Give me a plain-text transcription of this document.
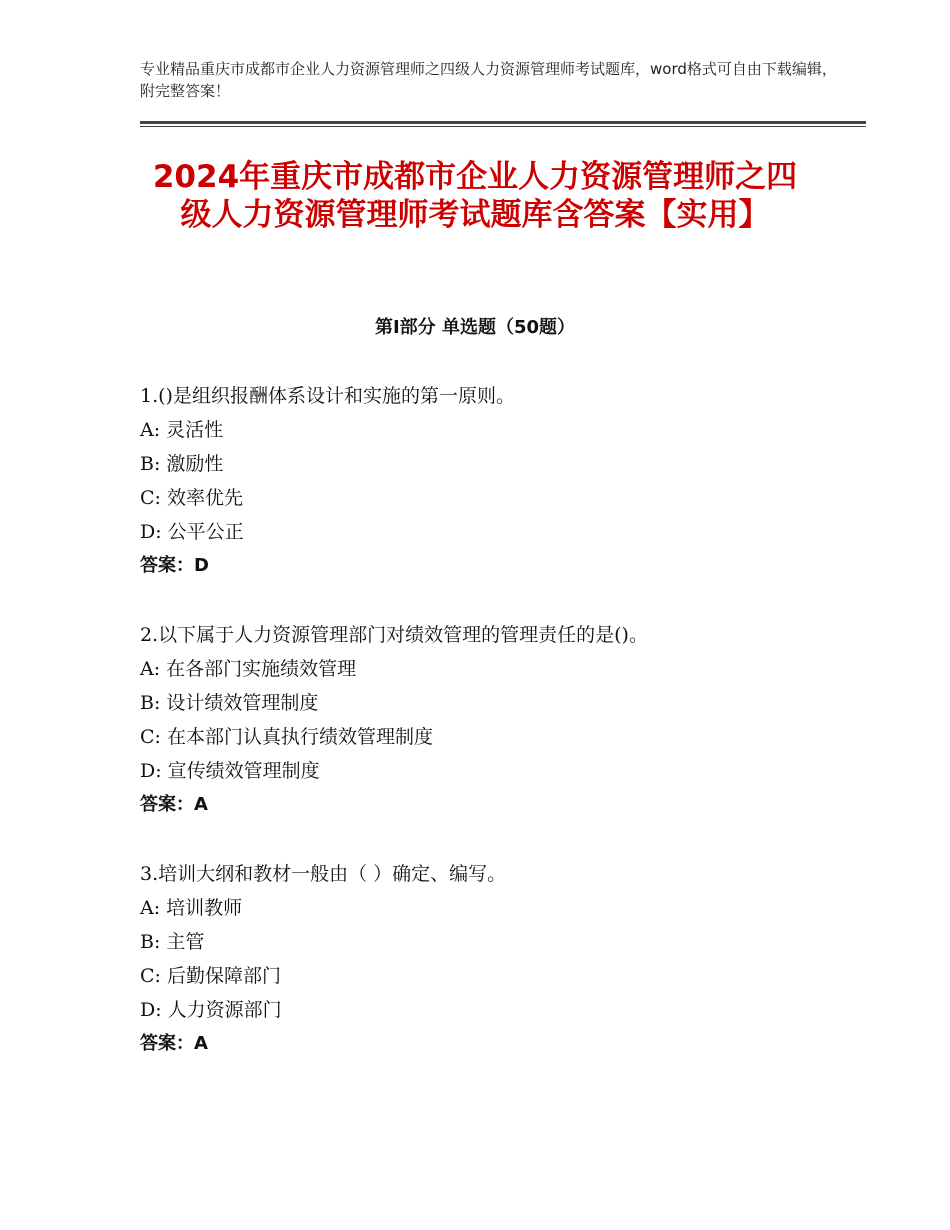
专业精品重庆市成都市企业人力资源管理师之四级人力资源管理师考试题库，word格式可自由下载编辑，附完整答案！
2024年重庆市成都市企业人力资源管理师之四级人力资源管理师考试题库含答案【实用】
第Ⅰ部分 单选题（50题）
1.()是组织报酬体系设计和实施的第一原则。
A: 灵活性
B: 激励性
C: 效率优先
D: 公平公正
答案：D
2.以下属于人力资源管理部门对绩效管理的管理责任的是()。
A: 在各部门实施绩效管理
B: 设计绩效管理制度
C: 在本部门认真执行绩效管理制度
D: 宣传绩效管理制度
答案：A
3.培训大纲和教材一般由（ ）确定、编写。
A: 培训教师
B: 主管
C: 后勤保障部门
D: 人力资源部门
答案：A
